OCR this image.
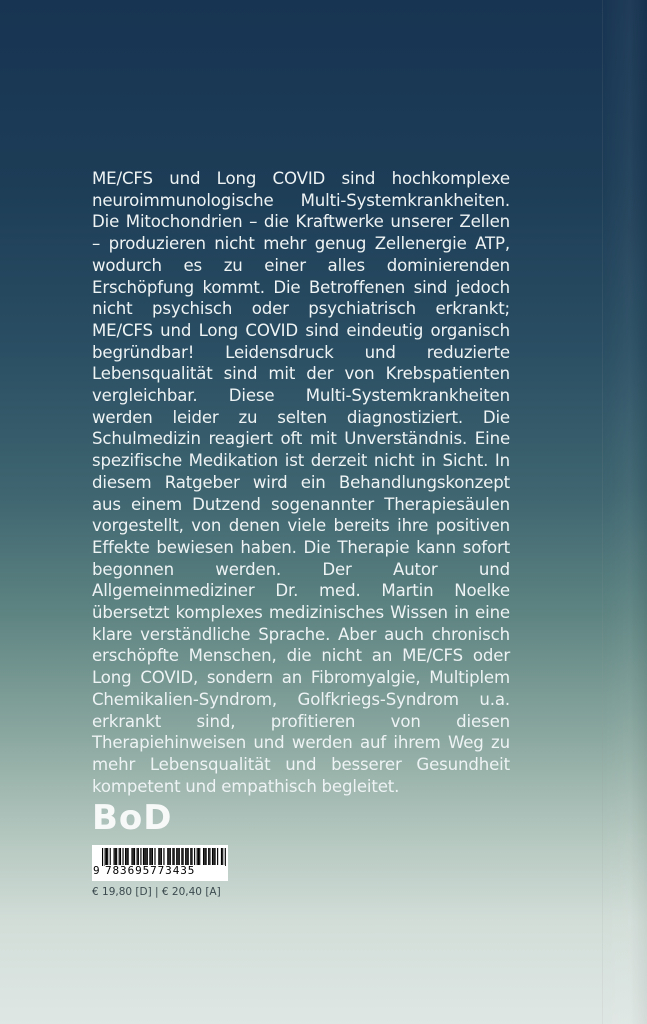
ME/CFS und Long COVID sind hochkomplexe neuroimmunologische Multi-Systemkrankheiten. Die Mitochondrien – die Kraftwerke unserer Zellen – produzieren nicht mehr genug Zellenergie ATP, wodurch es zu einer alles dominierenden Erschöpfung kommt. Die Betroffenen sind jedoch nicht psychisch oder psychiatrisch erkrankt; ME/CFS und Long COVID sind eindeutig organisch begründbar! Leidensdruck und reduzierte Lebensqualität sind mit der von Krebspatienten vergleichbar. Diese Multi-Systemkrankheiten werden leider zu selten diagnostiziert. Die Schulmedizin reagiert oft mit Unverständnis. Eine spezifische Medikation ist derzeit nicht in Sicht. In diesem Ratgeber wird ein Behandlungskonzept aus einem Dutzend sogenannter Therapiesäulen vorgestellt, von denen viele bereits ihre positiven Effekte bewiesen haben. Die Therapie kann sofort begonnen werden. Der Autor und Allgemeinmediziner Dr. med. Martin Noelke übersetzt komplexes medizinisches Wissen in eine klare verständliche Sprache. Aber auch chronisch erschöpfte Menschen, die nicht an ME/CFS oder Long COVID, sondern an Fibromyalgie, Multiplem Chemikalien-Syndrom, Golfkriegs-Syndrom u.a. erkrankt sind, profitieren von diesen Therapiehinweisen und werden auf ihrem Weg zu mehr Lebensqualität und besserer Gesundheit kompetent und empathisch begleitet.

BoD
9 783695773435
€ 19,80 [D] | € 20,40 [A]
